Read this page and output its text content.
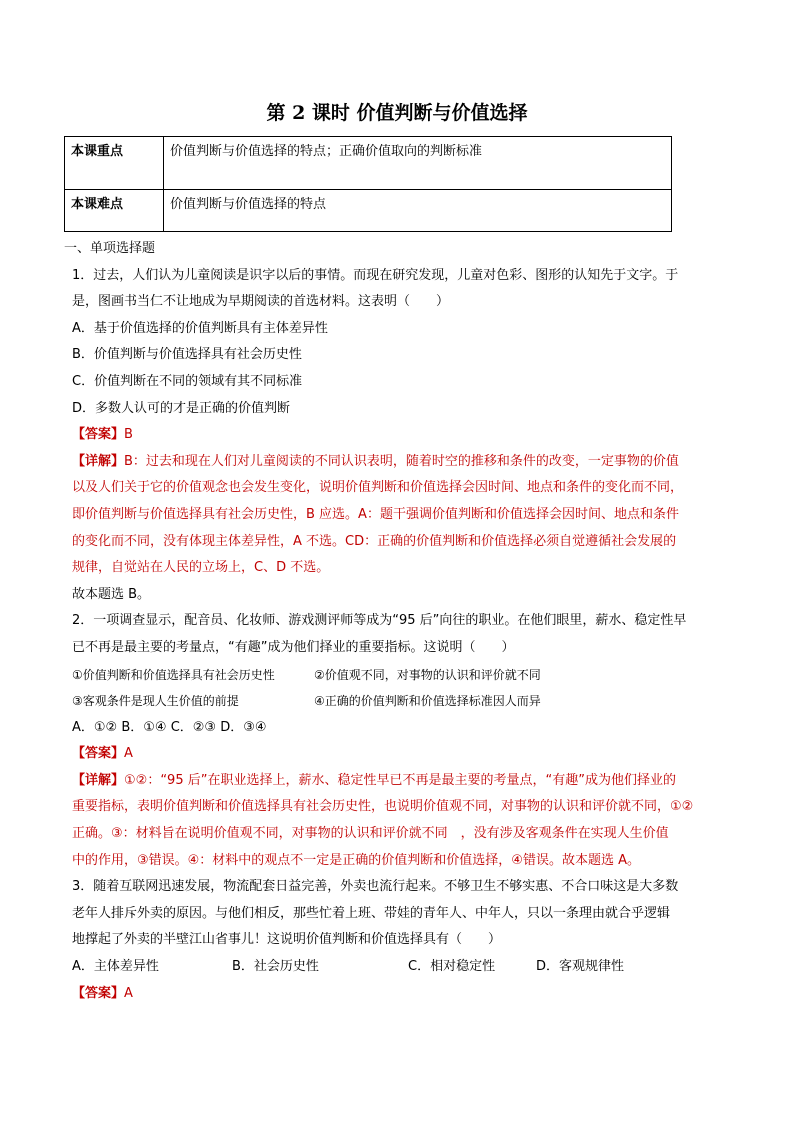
第 2 课时 价值判断与价值选择
本课重点	价值判断与价值选择的特点；正确价值取向的判断标准
本课难点	价值判断与价值选择的特点

一、单项选择题

1．过去，人们认为儿童阅读是识字以后的事情。而现在研究发现，儿童对色彩、图形的认知先于文字。于

是，图画书当仁不让地成为早期阅读的首选材料。这表明（　　）

A．基于价值选择的价值判断具有主体差异性

B．价值判断与价值选择具有社会历史性

C．价值判断在不同的领域有其不同标准

D．多数人认可的才是正确的价值判断

【答案】B

【详解】B：过去和现在人们对儿童阅读的不同认识表明，随着时空的推移和条件的改变，一定事物的价值

以及人们关于它的价值观念也会发生变化，说明价值判断和价值选择会因时间、地点和条件的变化而不同，

即价值判断与价值选择具有社会历史性，B 应选。A：题干强调价值判断和价值选择会因时间、地点和条件

的变化而不同，没有体现主体差异性，A 不选。CD：正确的价值判断和价值选择必须自觉遵循社会发展的

规律，自觉站在人民的立场上，C、D 不选。

故本题选 B。

2．一项调查显示，配音员、化妆师、游戏测评师等成为“95 后”向往的职业。在他们眼里，薪水、稳定性早

已不再是最主要的考量点，“有趣”成为他们择业的重要指标。这说明（　　）

①价值判断和价值选择具有社会历史性	②价值观不同，对事物的认识和评价就不同

③客观条件是现人生价值的前提	④正确的价值判断和价值选择标准因人而异

A．①② B．①④ C．②③ D．③④

【答案】A

【详解】①②：“95 后”在职业选择上，薪水、稳定性早已不再是最主要的考量点，“有趣”成为他们择业的

重要指标，表明价值判断和价值选择具有社会历史性，也说明价值观不同，对事物的认识和评价就不同，①②

正确。③：材料旨在说明价值观不同，对事物的认识和评价就不同　，没有涉及客观条件在实现人生价值

中的作用，③错误。④：材料中的观点不一定是正确的价值判断和价值选择，④错误。故本题选 A。

3．随着互联网迅速发展，物流配套日益完善，外卖也流行起来。不够卫生不够实惠、不合口味这是大多数

老年人排斥外卖的原因。与他们相反，那些忙着上班、带娃的青年人、中年人，只以一条理由就合乎逻辑

地撑起了外卖的半壁江山省事儿！这说明价值判断和价值选择具有（　　）

A．主体差异性	B．社会历史性	C．相对稳定性	D．客观规律性

【答案】A
